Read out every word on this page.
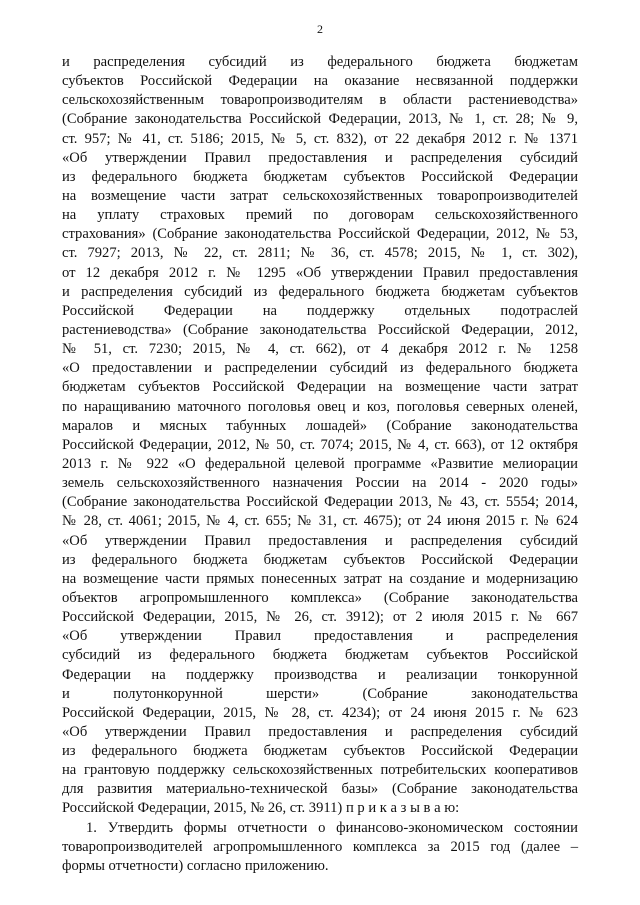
2
и распределения субсидий из федерального бюджета бюджетам
субъектов Российской Федерации на оказание несвязанной поддержки
сельскохозяйственным товаропроизводителям в области растениеводства»
(Собрание законодательства Российской Федерации, 2013, № 1, ст. 28; № 9,
ст. 957; № 41, ст. 5186; 2015, № 5, ст. 832), от 22 декабря 2012 г. № 1371
«Об утверждении Правил предоставления и распределения субсидий
из федерального бюджета бюджетам субъектов Российской Федерации
на возмещение части затрат сельскохозяйственных товаропроизводителей
на уплату страховых премий по договорам сельскохозяйственного
страхования» (Собрание законодательства Российской Федерации, 2012, № 53,
ст. 7927; 2013, № 22, ст. 2811; № 36, ст. 4578; 2015, № 1, ст. 302),
от 12 декабря 2012 г. № 1295 «Об утверждении Правил предоставления
и распределения субсидий из федерального бюджета бюджетам субъектов
Российской Федерации на поддержку отдельных подотраслей
растениеводства» (Собрание законодательства Российской Федерации, 2012,
№ 51, ст. 7230; 2015, № 4, ст. 662), от 4 декабря 2012 г. № 1258
«О предоставлении и распределении субсидий из федерального бюджета
бюджетам субъектов Российской Федерации на возмещение части затрат
по наращиванию маточного поголовья овец и коз, поголовья северных оленей,
маралов и мясных табунных лошадей» (Собрание законодательства
Российской Федерации, 2012, № 50, ст. 7074; 2015, № 4, ст. 663), от 12 октября
2013 г. № 922 «О федеральной целевой программе «Развитие мелиорации
земель сельскохозяйственного назначения России на 2014 - 2020 годы»
(Собрание законодательства Российской Федерации 2013, № 43, ст. 5554; 2014,
№ 28, ст. 4061; 2015, № 4, ст. 655; № 31, ст. 4675); от 24 июня 2015 г. № 624
«Об утверждении Правил предоставления и распределения субсидий
из федерального бюджета бюджетам субъектов Российской Федерации
на возмещение части прямых понесенных затрат на создание и модернизацию
объектов агропромышленного комплекса» (Собрание законодательства
Российской Федерации, 2015, № 26, ст. 3912); от 2 июля 2015 г. № 667
«Об утверждении Правил предоставления и распределения
субсидий из федерального бюджета бюджетам субъектов Российской
Федерации на поддержку производства и реализации тонкорунной
и полутонкорунной шерсти» (Собрание законодательства
Российской Федерации, 2015, № 28, ст. 4234); от 24 июня 2015 г. № 623
«Об утверждении Правил предоставления и распределения субсидий
из федерального бюджета бюджетам субъектов Российской Федерации
на грантовую поддержку сельскохозяйственных потребительских кооперативов
для развития материально-технической базы» (Собрание законодательства
Российской Федерации, 2015, № 26, ст. 3911) п р и к а з ы в а ю:
1. Утвердить формы отчетности о финансово-экономическом состоянии
товаропроизводителей агропромышленного комплекса за 2015 год (далее –
формы отчетности) согласно приложению.
